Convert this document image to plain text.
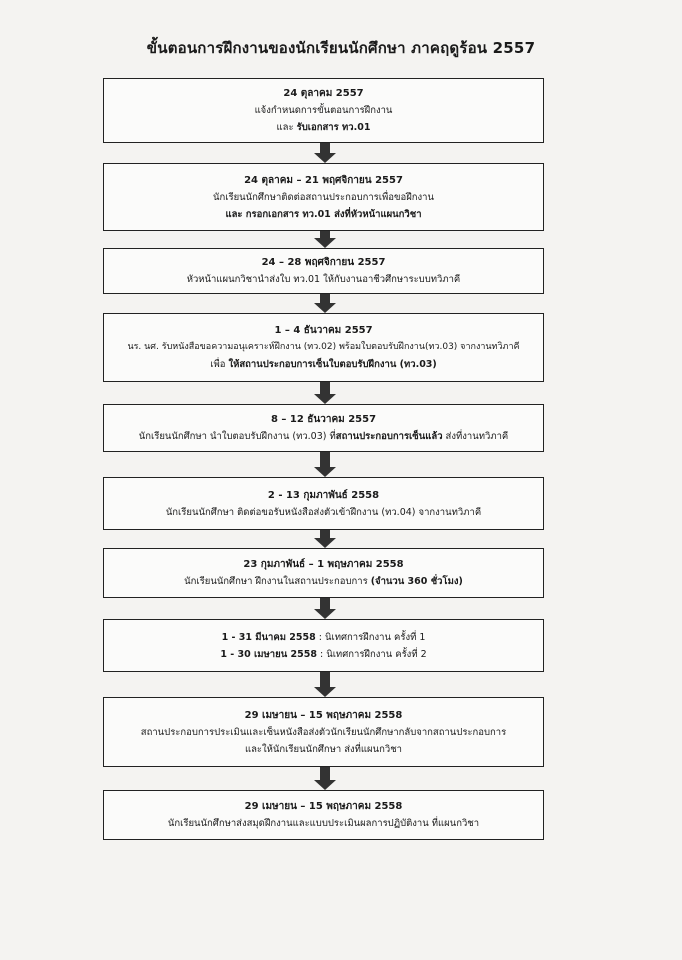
ขั้นตอนการฝึกงานของนักเรียนนักศึกษา ภาคฤดูร้อน 2557
24 ตุลาคม 2557
แจ้งกำหนดการขั้นตอนการฝึกงาน
และ รับเอกสาร ทว.01
24 ตุลาคม – 21 พฤศจิกายน 2557
นักเรียนนักศึกษาติดต่อสถานประกอบการเพื่อขอฝึกงาน
และ กรอกเอกสาร ทว.01 ส่งที่หัวหน้าแผนกวิชา
24 – 28 พฤศจิกายน 2557
หัวหน้าแผนกวิชานำส่งใบ ทว.01 ให้กับงานอาชีวศึกษาระบบทวิภาคี
1 – 4 ธันวาคม 2557
นร. นศ. รับหนังสือขอความอนุเคราะห์ฝึกงาน (ทว.02) พร้อมใบตอบรับฝึกงาน(ทว.03) จากงานทวิภาคี
เพื่อ ให้สถานประกอบการเซ็นใบตอบรับฝึกงาน (ทว.03)
8 – 12 ธันวาคม 2557
นักเรียนนักศึกษา นำใบตอบรับฝึกงาน (ทว.03) ที่สถานประกอบการเซ็นแล้ว ส่งที่งานทวิภาคี
2 - 13 กุมภาพันธ์ 2558
นักเรียนนักศึกษา ติดต่อขอรับหนังสือส่งตัวเข้าฝึกงาน (ทว.04) จากงานทวิภาคี
23 กุมภาพันธ์ – 1 พฤษภาคม 2558
นักเรียนนักศึกษา ฝึกงานในสถานประกอบการ (จำนวน 360 ชั่วโมง)
1 - 31 มีนาคม 2558 : นิเทศการฝึกงาน ครั้งที่ 1
1 - 30 เมษายน 2558 : นิเทศการฝึกงาน ครั้งที่ 2
29 เมษายน – 15 พฤษภาคม 2558
สถานประกอบการประเมินและเซ็นหนังสือส่งตัวนักเรียนนักศึกษากลับจากสถานประกอบการ
และให้นักเรียนนักศึกษา ส่งที่แผนกวิชา
29 เมษายน – 15 พฤษภาคม 2558
นักเรียนนักศึกษาส่งสมุดฝึกงานและแบบประเมินผลการปฏิบัติงาน ที่แผนกวิชา
